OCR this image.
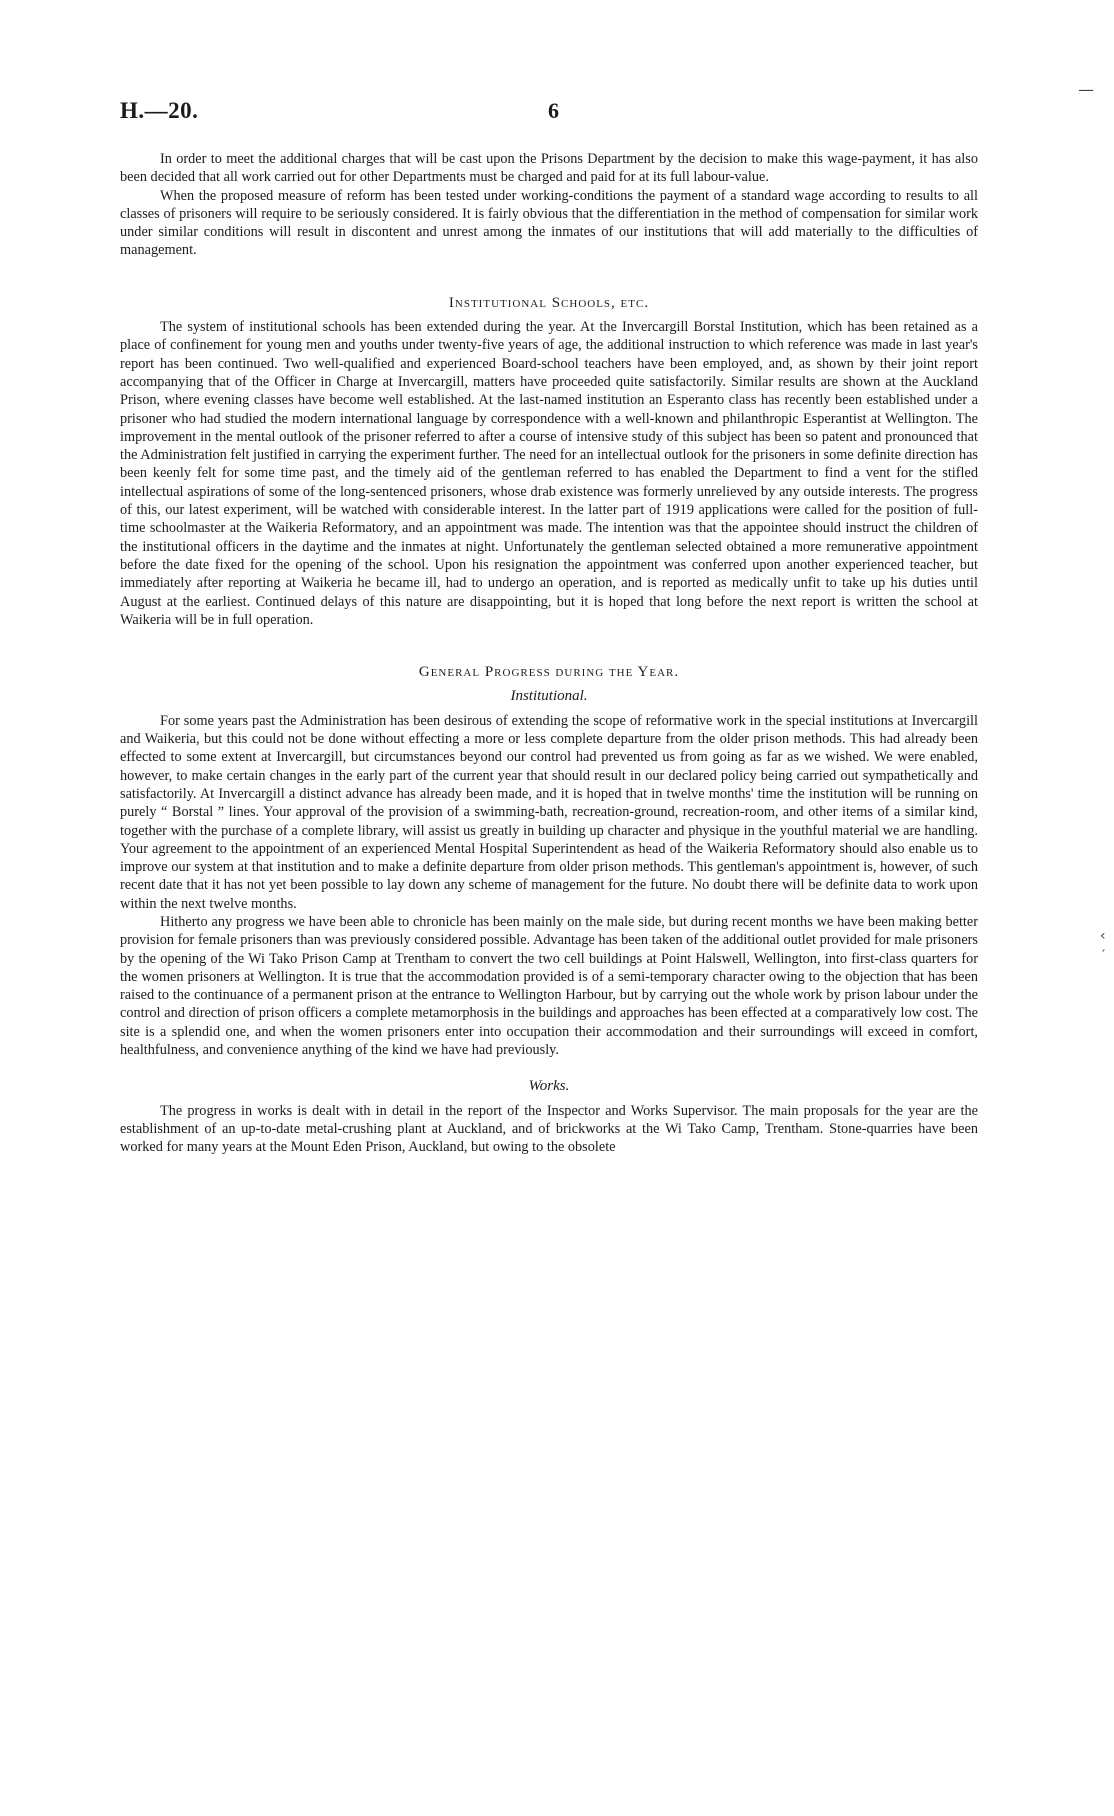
—
‹
′
H.—20.	6

In order to meet the additional charges that will be cast upon the Prisons Department by the decision to make this wage-payment, it has also been decided that all work carried out for other Departments must be charged and paid for at its full labour-value.

When the proposed measure of reform has been tested under working-conditions the payment of a standard wage according to results to all classes of prisoners will require to be seriously considered. It is fairly obvious that the differentiation in the method of compensation for similar work under similar conditions will result in discontent and unrest among the inmates of our institutions that will add materially to the difficulties of management.

Institutional Schools, etc.

The system of institutional schools has been extended during the year. At the Invercargill Borstal Institution, which has been retained as a place of confinement for young men and youths under twenty-five years of age, the additional instruction to which reference was made in last year's report has been continued. Two well-qualified and experienced Board-school teachers have been employed, and, as shown by their joint report accompanying that of the Officer in Charge at Invercargill, matters have proceeded quite satisfactorily. Similar results are shown at the Auckland Prison, where evening classes have become well established. At the last-named institution an Esperanto class has recently been established under a prisoner who had studied the modern international language by correspondence with a well-known and philanthropic Esperantist at Wellington. The improvement in the mental outlook of the prisoner referred to after a course of intensive study of this subject has been so patent and pronounced that the Administration felt justified in carrying the experiment further. The need for an intellectual outlook for the prisoners in some definite direction has been keenly felt for some time past, and the timely aid of the gentleman referred to has enabled the Department to find a vent for the stifled intellectual aspirations of some of the long-sentenced prisoners, whose drab existence was formerly unrelieved by any outside interests. The progress of this, our latest experiment, will be watched with considerable interest. In the latter part of 1919 applications were called for the position of full-time schoolmaster at the Waikeria Reformatory, and an appointment was made. The intention was that the appointee should instruct the children of the institutional officers in the daytime and the inmates at night. Unfortunately the gentleman selected obtained a more remunerative appointment before the date fixed for the opening of the school. Upon his resignation the appointment was conferred upon another experienced teacher, but immediately after reporting at Waikeria he became ill, had to undergo an operation, and is reported as medically unfit to take up his duties until August at the earliest. Continued delays of this nature are disappointing, but it is hoped that long before the next report is written the school at Waikeria will be in full operation.

General Progress during the Year.
Institutional.

For some years past the Administration has been desirous of extending the scope of reformative work in the special institutions at Invercargill and Waikeria, but this could not be done without effecting a more or less complete departure from the older prison methods. This had already been effected to some extent at Invercargill, but circumstances beyond our control had prevented us from going as far as we wished. We were enabled, however, to make certain changes in the early part of the current year that should result in our declared policy being carried out sympathetically and satisfactorily. At Invercargill a distinct advance has already been made, and it is hoped that in twelve months' time the institution will be running on purely “ Borstal ” lines. Your approval of the provision of a swimming-bath, recreation-ground, recreation-room, and other items of a similar kind, together with the purchase of a complete library, will assist us greatly in building up character and physique in the youthful material we are handling. Your agreement to the appointment of an experienced Mental Hospital Superintendent as head of the Waikeria Reformatory should also enable us to improve our system at that institution and to make a definite departure from older prison methods. This gentleman's appointment is, however, of such recent date that it has not yet been possible to lay down any scheme of management for the future. No doubt there will be definite data to work upon within the next twelve months.

Hitherto any progress we have been able to chronicle has been mainly on the male side, but during recent months we have been making better provision for female prisoners than was previously considered possible. Advantage has been taken of the additional outlet provided for male prisoners by the opening of the Wi Tako Prison Camp at Trentham to convert the two cell buildings at Point Halswell, Wellington, into first-class quarters for the women prisoners at Wellington. It is true that the accommodation provided is of a semi-temporary character owing to the objection that has been raised to the continuance of a permanent prison at the entrance to Wellington Harbour, but by carrying out the whole work by prison labour under the control and direction of prison officers a complete metamorphosis in the buildings and approaches has been effected at a comparatively low cost. The site is a splendid one, and when the women prisoners enter into occupation their accommodation and their surroundings will exceed in comfort, healthfulness, and convenience anything of the kind we have had previously.

Works.

The progress in works is dealt with in detail in the report of the Inspector and Works Supervisor. The main proposals for the year are the establishment of an up-to-date metal-crushing plant at Auckland, and of brickworks at the Wi Tako Camp, Trentham. Stone-quarries have been worked for many years at the Mount Eden Prison, Auckland, but owing to the obsolete
